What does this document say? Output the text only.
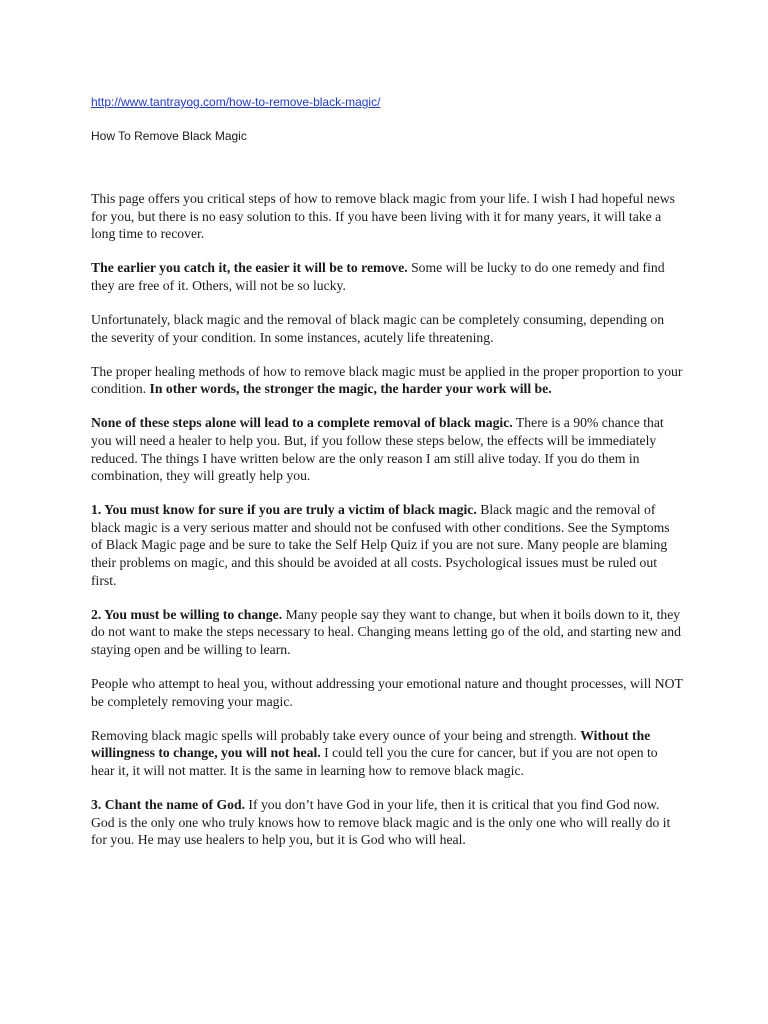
http://www.tantrayog.com/how-to-remove-black-magic/
How To Remove Black Magic

This page offers you critical steps of how to remove black magic from your life. I wish I had hopeful news for you, but there is no easy solution to this. If you have been living with it for many years, it will take a long time to recover.

The earlier you catch it, the easier it will be to remove. Some will be lucky to do one remedy and find they are free of it. Others, will not be so lucky.

Unfortunately, black magic and the removal of black magic can be completely consuming, depending on the severity of your condition. In some instances, acutely life threatening.

The proper healing methods of how to remove black magic must be applied in the proper proportion to your condition. In other words, the stronger the magic, the harder your work will be.

None of these steps alone will lead to a complete removal of black magic. There is a 90% chance that you will need a healer to help you. But, if you follow these steps below, the effects will be immediately reduced. The things I have written below are the only reason I am still alive today. If you do them in combination, they will greatly help you.

1. You must know for sure if you are truly a victim of black magic. Black magic and the removal of black magic is a very serious matter and should not be confused with other conditions. See the Symptoms of Black Magic page and be sure to take the Self Help Quiz if you are not sure. Many people are blaming their problems on magic, and this should be avoided at all costs. Psychological issues must be ruled out first.

2. You must be willing to change. Many people say they want to change, but when it boils down to it, they do not want to make the steps necessary to heal. Changing means letting go of the old, and starting new and staying open and be willing to learn.

People who attempt to heal you, without addressing your emotional nature and thought processes, will NOT be completely removing your magic.

Removing black magic spells will probably take every ounce of your being and strength. Without the willingness to change, you will not heal. I could tell you the cure for cancer, but if you are not open to hear it, it will not matter. It is the same in learning how to remove black magic.

3. Chant the name of God. If you don’t have God in your life, then it is critical that you find God now. God is the only one who truly knows how to remove black magic and is the only one who will really do it for you. He may use healers to help you, but it is God who will heal.
